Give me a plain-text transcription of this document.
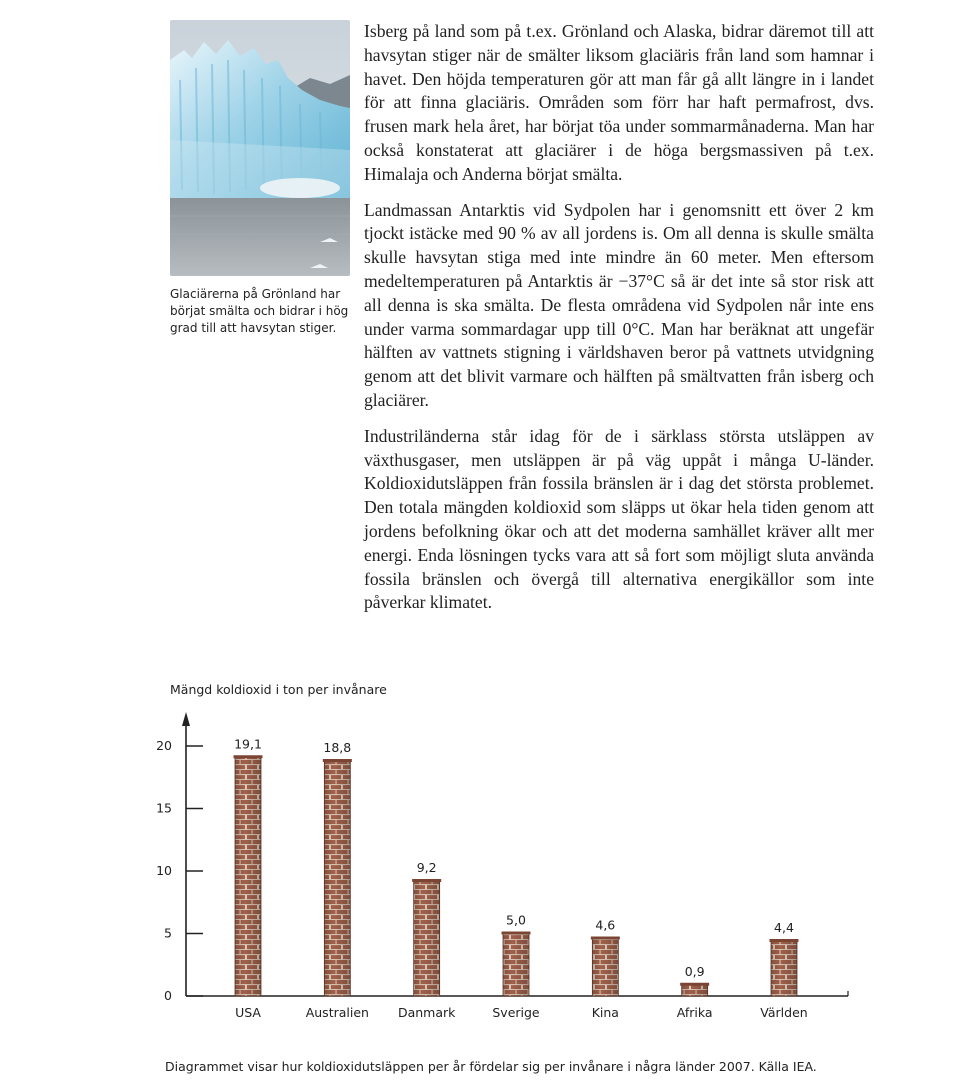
Glaciärerna på Grönland har börjat smälta och bidrar i hög grad till att havsytan stiger.

Isberg på land som på t.ex. Grönland och Alaska, bidrar däremot till att havsytan stiger när de smälter liksom glaciäris från land som hamnar i havet. Den höjda temperaturen gör att man får gå allt längre in i landet för att finna glaciäris. Områden som förr har haft permafrost, dvs. frusen mark hela året, har börjat töa under sommarmånaderna. Man har också konstaterat att glaciärer i de höga bergsmassiven på t.ex. Himalaja och Anderna börjat smälta.

Landmassan Antarktis vid Sydpolen har i genomsnitt ett över 2 km tjockt istäcke med 90 % av all jordens is. Om all denna is skulle smälta skulle havsytan stiga med inte mindre än 60 meter. Men eftersom medeltemperaturen på Antarktis är −37°C så är det inte så stor risk att all denna is ska smälta. De flesta områdena vid Sydpolen når inte ens under varma sommardagar upp till 0°C. Man har beräknat att ungefär hälften av vattnets stigning i världshaven beror på vattnets utvidgning genom att det blivit varmare och hälften på smältvatten från isberg och glaciärer.

Industriländerna står idag för de i särklass största utsläppen av växthusgaser, men utsläppen är på väg uppåt i många U-länder. Koldioxidutsläppen från fossila bränslen är i dag det största problemet. Den totala mängden koldioxid som släpps ut ökar hela tiden genom att jordens befolkning ökar och att det moderna samhället kräver allt mer energi. Enda lösningen tycks vara att så fort som möjligt sluta använda fossila bränslen och övergå till alternativa energikällor som inte påverkar klimatet.

Mängd koldioxid i ton per invånare
0
5
10
15
20	19,1
USA
18,8
Australien
9,2
Danmark
5,0
Sverige
4,6
Kina
0,9
Afrika
4,4
Världen
Diagrammet visar hur koldioxidutsläppen per år fördelar sig per invånare i några länder 2007. Källa IEA.
